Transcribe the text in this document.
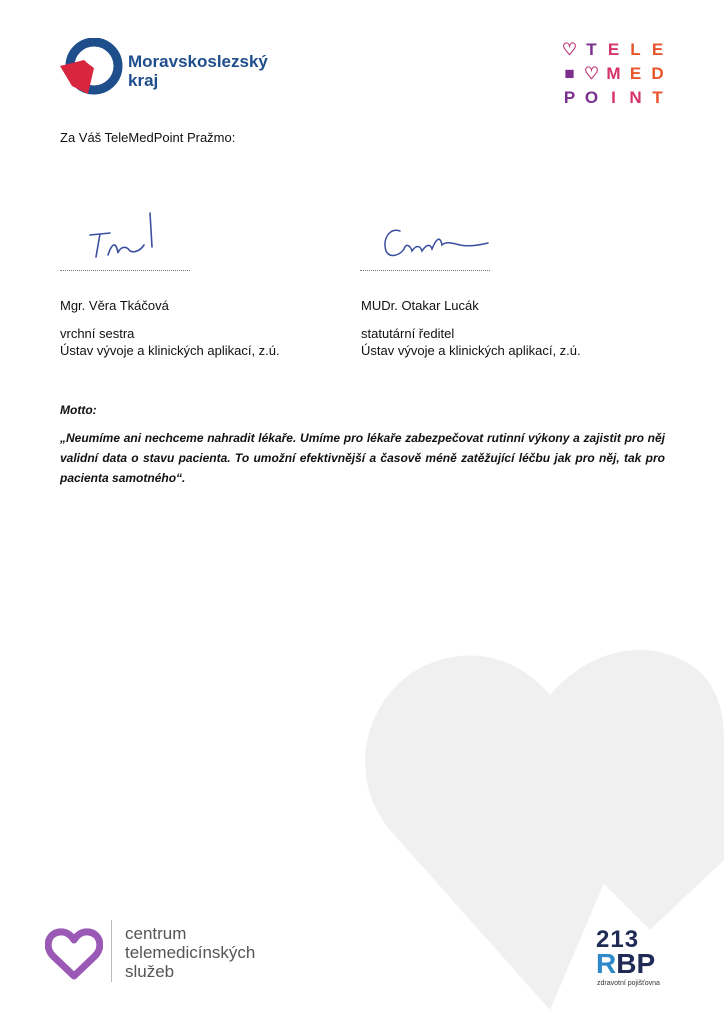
Moravskoslezský
kraj
♡ T E L E
■ ♡ M E D
P O I N T
Za Váš TeleMedPoint Pražmo:
Mgr. Věra Tkáčová
vrchní sestra
Ústav vývoje a klinických aplikací, z.ú.
MUDr. Otakar Lucák
statutární ředitel
Ústav vývoje a klinických aplikací, z.ú.
Motto:
„Neumíme ani nechceme nahradit lékaře. Umíme pro lékaře zabezpečovat rutinní výkony a zajistit pro něj validní data o stavu pacienta. To umožní efektivnější a časově méně zatěžující léčbu jak pro něj, tak pro pacienta samotného“.
centrum
telemedicínských
služeb
213
RBP
zdravotní pojišťovna
